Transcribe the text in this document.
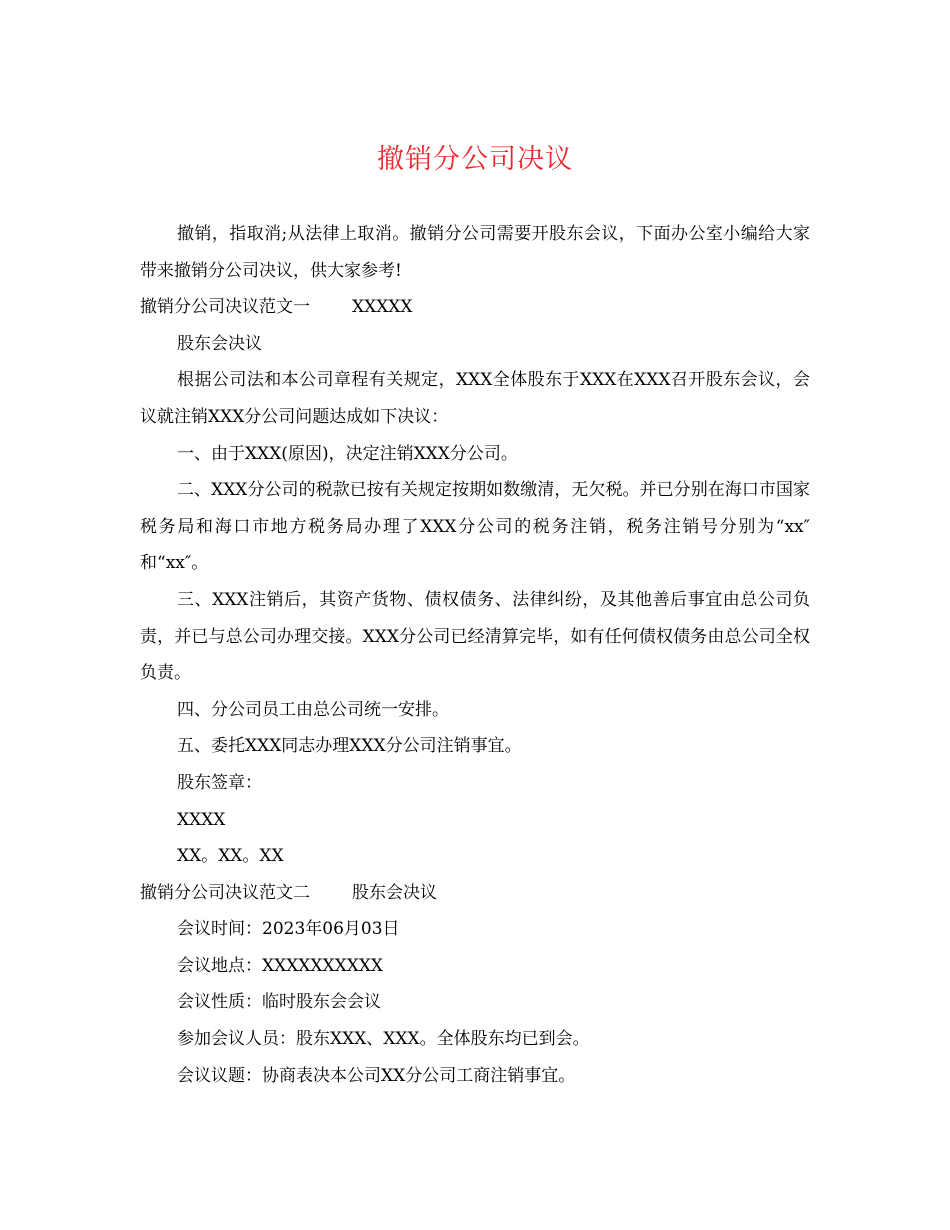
撤销分公司决议

撤销，指取消;从法律上取消。撤销分公司需要开股东会议，下面办公室小编给大家带来撤销分公司决议，供大家参考!

撤销分公司决议范文一 XXXXX

股东会决议

根据公司法和本公司章程有关规定，XXX全体股东于XXX在XXX召开股东会议，会议就注销XXX分公司问题达成如下决议：

一、由于XXX(原因)，决定注销XXX分公司。

二、XXX分公司的税款已按有关规定按期如数缴清，无欠税。并已分别在海口市国家税务局和海口市地方税务局办理了XXX分公司的税务注销，税务注销号分别为“xx″和“xx″。

三、XXX注销后，其资产货物、债权债务、法律纠纷，及其他善后事宜由总公司负责，并已与总公司办理交接。XXX分公司已经清算完毕，如有任何债权债务由总公司全权负责。

四、分公司员工由总公司统一安排。

五、委托XXX同志办理XXX分公司注销事宜。

股东签章：

XXXX

XX。XX。XX

撤销分公司决议范文二 股东会决议

会议时间：2023年06月03日

会议地点：XXXXXXXXXX

会议性质：临时股东会会议

参加会议人员：股东XXX、XXX。全体股东均已到会。

会议议题：协商表决本公司XX分公司工商注销事宜。
